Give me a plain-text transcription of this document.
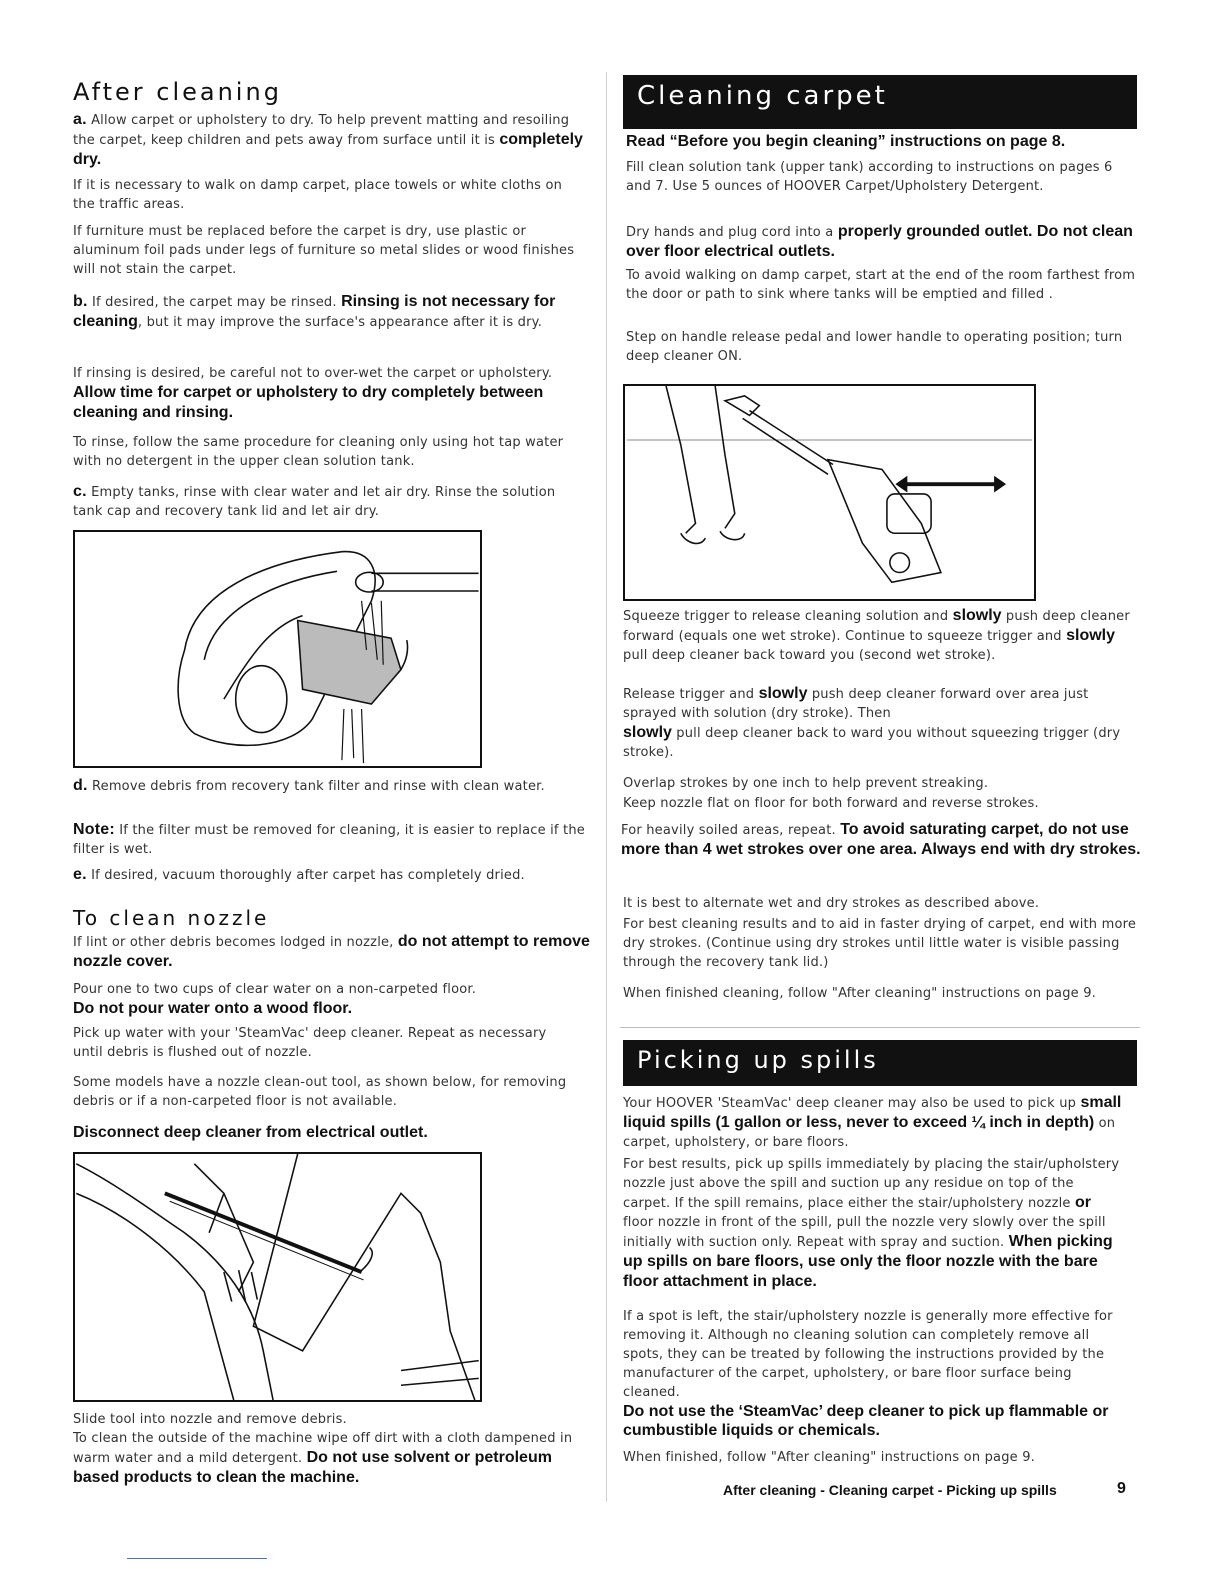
After cleaning

a. Allow carpet or upholstery to dry. To help prevent matting and resoiling the carpet, keep children and pets away from surface until it is completely dry.

If it is necessary to walk on damp carpet, place towels or white cloths on the traffic areas.

If furniture must be replaced before the carpet is dry, use plastic or aluminum foil pads under legs of furniture so metal slides or wood finishes will not stain the carpet.

b. If desired, the carpet may be rinsed. Rinsing is not necessary for cleaning, but it may improve the surface's appearance after it is dry.

If rinsing is desired, be careful not to over-wet the carpet or upholstery. Allow time for carpet or upholstery to dry completely between cleaning and rinsing.

To rinse, follow the same procedure for cleaning only using hot tap water with no detergent in the upper clean solution tank.

c. Empty tanks, rinse with clear water and let air dry. Rinse the solution tank cap and recovery tank lid and let air dry.

d. Remove debris from recovery tank filter and rinse with clean water.

Note: If the filter must be removed for cleaning, it is easier to replace if the filter is wet.

e. If desired, vacuum thoroughly after carpet has completely dried.

To clean nozzle

If lint or other debris becomes lodged in nozzle, do not attempt to remove nozzle cover.

Pour one to two cups of clear water on a non-carpeted floor.
Do not pour water onto a wood floor.

Pick up water with your 'SteamVac' deep cleaner. Repeat as necessary until debris is flushed out of nozzle.

Some models have a nozzle clean-out tool, as shown below, for removing debris or if a non-carpeted floor is not available.

Disconnect deep cleaner from electrical outlet.

Slide tool into nozzle and remove debris.

To clean the outside of the machine wipe off dirt with a cloth dampened in warm water and a mild detergent. Do not use solvent or petroleum based products to clean the machine.

Cleaning carpet

Read “Before you begin cleaning” instructions on page 8.

Fill clean solution tank (upper tank) according to instructions on pages 6 and 7. Use 5 ounces of HOOVER Carpet/Upholstery Detergent.

Dry hands and plug cord into a properly grounded outlet. Do not clean over floor electrical outlets.

To avoid walking on damp carpet, start at the end of the room farthest from the door or path to sink where tanks will be emptied and filled .

Step on handle release pedal and lower handle to operating position; turn deep cleaner ON.

Squeeze trigger to release cleaning solution and slowly push deep cleaner forward (equals one wet stroke). Continue to squeeze trigger and slowly pull deep cleaner back toward you (second wet stroke).

Release trigger and slowly push deep cleaner forward over area just sprayed with solution (dry stroke). Then
slowly pull deep cleaner back to ward you without squeezing trigger (dry stroke).

Overlap strokes by one inch to help prevent streaking.

Keep nozzle flat on floor for both forward and reverse strokes.

For heavily soiled areas, repeat. To avoid saturating carpet, do not use more than 4 wet strokes over one area. Always end with dry strokes.

It is best to alternate wet and dry strokes as described above.

For best cleaning results and to aid in faster drying of carpet, end with more dry strokes. (Continue using dry strokes until little water is visible passing through the recovery tank lid.)

When finished cleaning, follow "After cleaning" instructions on page 9.

Picking up spills

Your HOOVER 'SteamVac' deep cleaner may also be used to pick up small liquid spills (1 gallon or less, never to exceed ¼ inch in depth) on carpet, upholstery, or bare floors.

For best results, pick up spills immediately by placing the stair/upholstery nozzle just above the spill and suction up any residue on top of the carpet. If the spill remains, place either the stair/upholstery nozzle or floor nozzle in front of the spill, pull the nozzle very slowly over the spill initially with suction only. Repeat with spray and suction. When picking up spills on bare floors, use only the floor nozzle with the bare floor attachment in place.

If a spot is left, the stair/upholstery nozzle is generally more effective for removing it. Although no cleaning solution can completely remove all spots, they can be treated by following the instructions provided by the manufacturer of the carpet, upholstery, or bare floor surface being cleaned.

Do not use the ‘SteamVac’ deep cleaner to pick up flammable or cumbustible liquids or chemicals.

When finished, follow "After cleaning" instructions on page 9.

After cleaning - Cleaning carpet - Picking up spills	9
